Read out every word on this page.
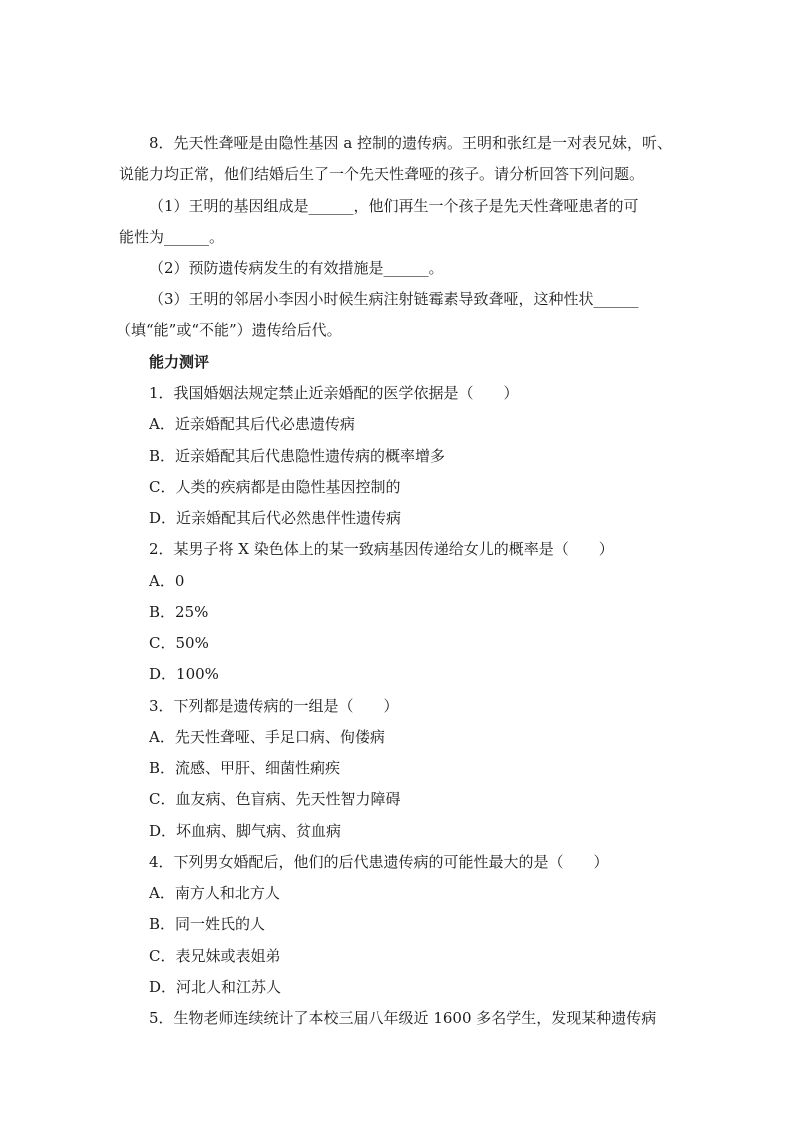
8．先天性聋哑是由隐性基因 a 控制的遗传病。王明和张红是一对表兄妹，听、
说能力均正常，他们结婚后生了一个先天性聋哑的孩子。请分析回答下列问题。
（1）王明的基因组成是______，他们再生一个孩子是先天性聋哑患者的可
能性为______。
（2）预防遗传病发生的有效措施是______。
（3）王明的邻居小李因小时候生病注射链霉素导致聋哑，这种性状______
（填“能”或“不能”）遗传给后代。
能力测评
1．我国婚姻法规定禁止近亲婚配的医学依据是（　　）
A．近亲婚配其后代必患遗传病
B．近亲婚配其后代患隐性遗传病的概率增多
C．人类的疾病都是由隐性基因控制的
D．近亲婚配其后代必然患伴性遗传病
2．某男子将 X 染色体上的某一致病基因传递给女儿的概率是（　　）
A．0
B．25%
C．50%
D．100%
3．下列都是遗传病的一组是（　　）
A．先天性聋哑、手足口病、佝偻病
B．流感、甲肝、细菌性痢疾
C．血友病、色盲病、先天性智力障碍
D．坏血病、脚气病、贫血病
4．下列男女婚配后，他们的后代患遗传病的可能性最大的是（　　）
A．南方人和北方人
B．同一姓氏的人
C．表兄妹或表姐弟
D．河北人和江苏人
5．生物老师连续统计了本校三届八年级近 1600 多名学生，发现某种遗传病
